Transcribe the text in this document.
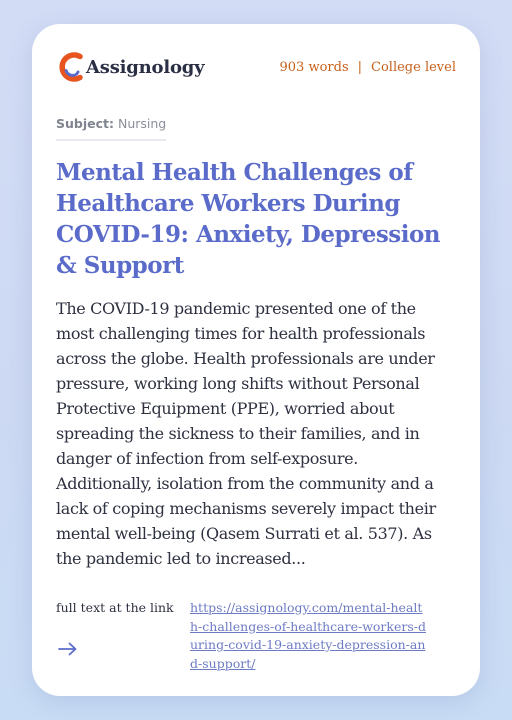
Assignology	903 words | College level
Subject: Nursing
Mental Health Challenges of Healthcare Workers During COVID-19: Anxiety, Depression & Support

The COVID-19 pandemic presented one of the most challenging times for health professionals across the globe. Health professionals are under pressure, working long shifts without Personal Protective Equipment (PPE), worried about spreading the sickness to their families, and in danger of infection from self-exposure. Additionally, isolation from the community and a lack of coping mechanisms severely impact their mental well-being (Qasem Surrati et al. 537). As the pandemic led to increased...

full text at the link https://assignology.com/mental-health-challenges-of-healthcare-workers-during-covid-19-anxiety-depression-and-support/
